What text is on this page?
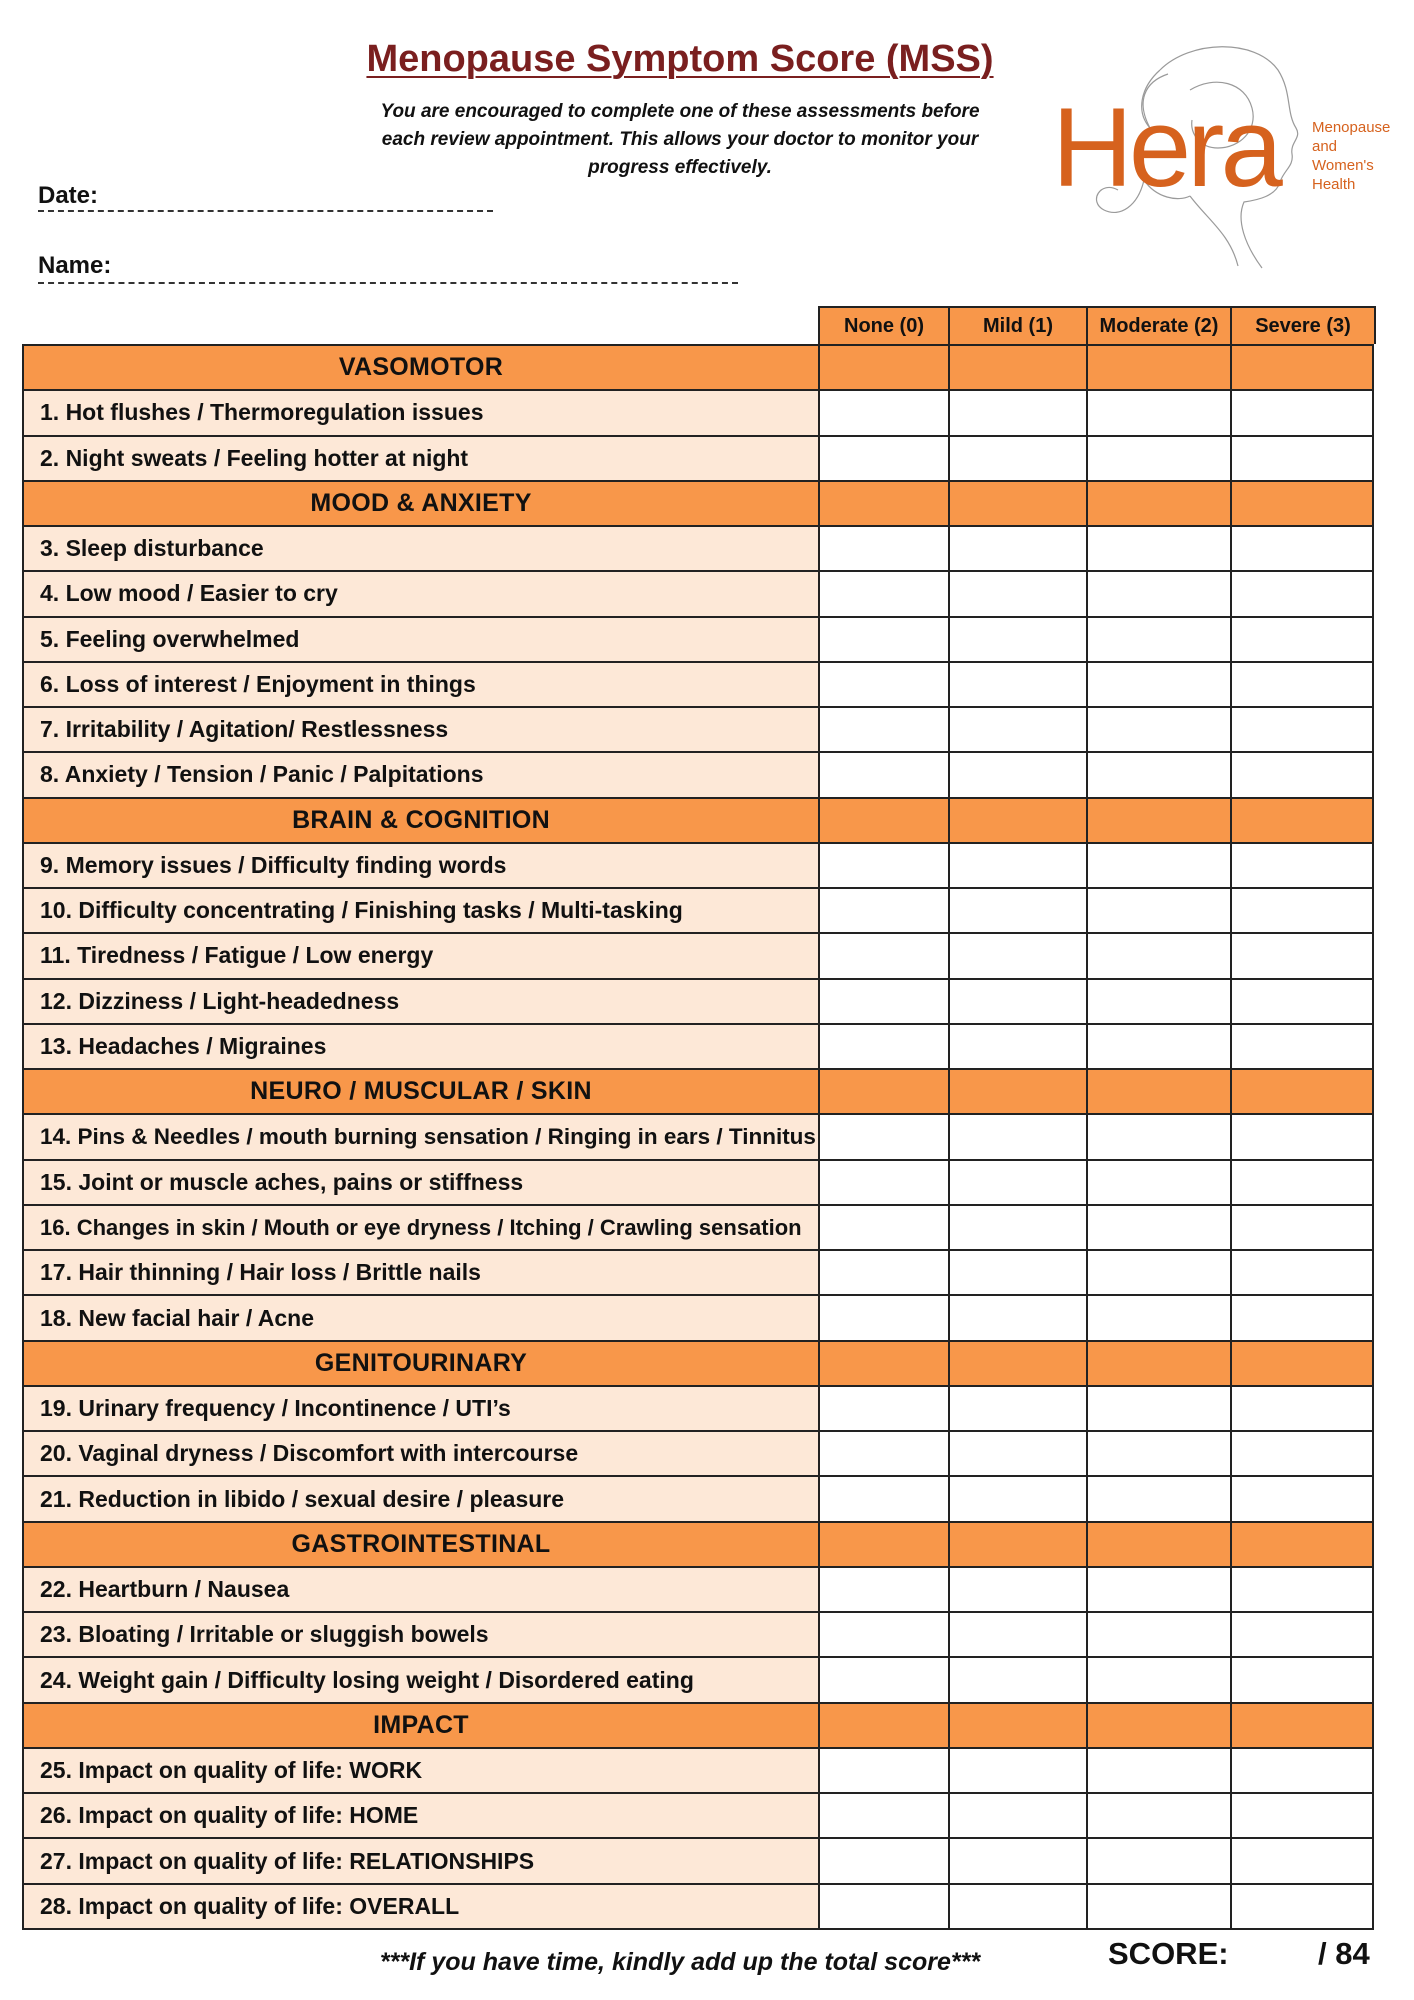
Menopause Symptom Score (MSS)
You are encouraged to complete one of these assessments before
each review appointment. This allows your doctor to monitor your
progress effectively.
Date:
Name:
Hera Menopause
and
Women's
Health
None (0)	Mild (1)	Moderate (2)	Severe (3)
VASOMOTOR
1. Hot flushes / Thermoregulation issues
2. Night sweats / Feeling hotter at night
MOOD & ANXIETY
3. Sleep disturbance
4. Low mood / Easier to cry
5. Feeling overwhelmed
6. Loss of interest / Enjoyment in things
7. Irritability / Agitation/ Restlessness
8. Anxiety / Tension / Panic / Palpitations
BRAIN & COGNITION
9. Memory issues / Difficulty finding words
10. Difficulty concentrating / Finishing tasks / Multi-tasking
11. Tiredness / Fatigue / Low energy
12. Dizziness / Light-headedness
13. Headaches / Migraines
NEURO / MUSCULAR / SKIN
14. Pins & Needles / mouth burning sensation / Ringing in ears / Tinnitus
15. Joint or muscle aches, pains or stiffness
16. Changes in skin / Mouth or eye dryness / Itching / Crawling sensation
17. Hair thinning / Hair loss / Brittle nails
18. New facial hair / Acne
GENITOURINARY
19. Urinary frequency / Incontinence / UTI’s
20. Vaginal dryness / Discomfort with intercourse
21. Reduction in libido / sexual desire / pleasure
GASTROINTESTINAL
22. Heartburn / Nausea
23. Bloating / Irritable or sluggish bowels
24. Weight gain / Difficulty losing weight / Disordered eating
IMPACT
25. Impact on quality of life: WORK
26. Impact on quality of life: HOME
27. Impact on quality of life: RELATIONSHIPS
28. Impact on quality of life: OVERALL
***If you have time, kindly add up the total score***	SCORE:	/ 84
